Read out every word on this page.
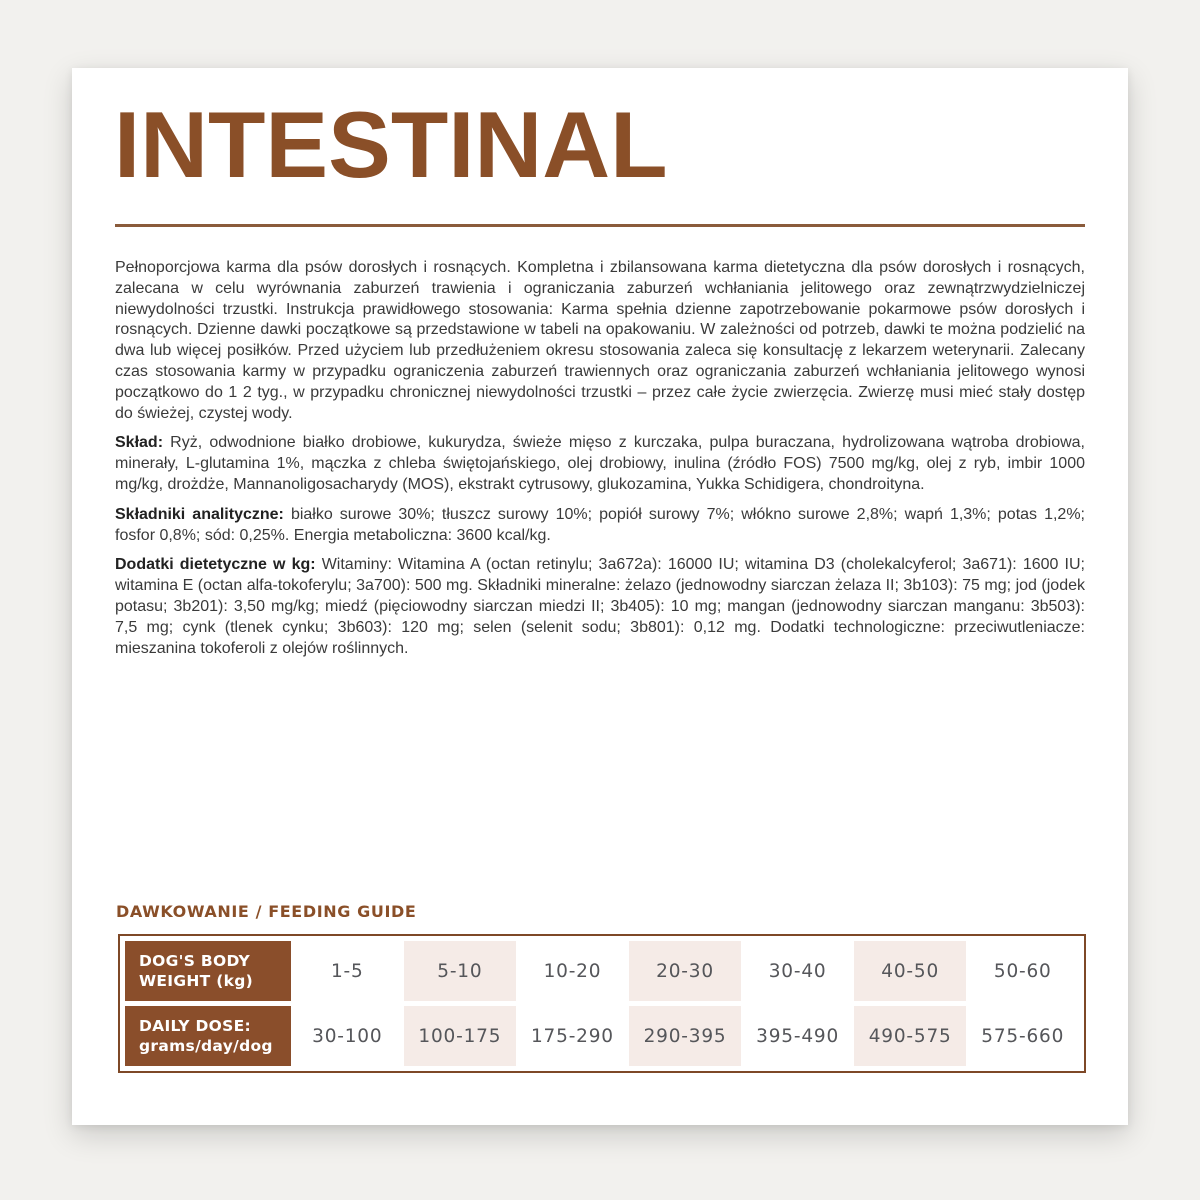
INTESTINAL

Pełnoporcjowa karma dla psów dorosłych i rosnących. Kompletna i zbilansowana karma dietetyczna dla psów dorosłych i rosnących, zalecana w celu wyrównania zaburzeń trawienia i ograniczania zaburzeń wchłaniania jelitowego oraz zewnątrzwydzielniczej niewydolności trzustki. Instrukcja prawidłowego stosowania: Karma spełnia dzienne zapotrzebowanie pokarmowe psów dorosłych i rosnących. Dzienne dawki początkowe są przedstawione w tabeli na opakowaniu. W zależności od potrzeb, dawki te można podzielić na dwa lub więcej posiłków. Przed użyciem lub przedłużeniem okresu stosowania zaleca się konsultację z lekarzem weterynarii. Zalecany czas stosowania karmy w przypadku ograniczenia zaburzeń trawiennych oraz ograniczania zaburzeń wchłaniania jelitowego wynosi początkowo do 1 2 tyg., w przypadku chronicznej niewydolności trzustki – przez całe życie zwierzęcia. Zwierzę musi mieć stały dostęp do świeżej, czystej wody.

Skład: Ryż, odwodnione białko drobiowe, kukurydza, świeże mięso z kurczaka, pulpa buraczana, hydrolizowana wątroba drobiowa, minerały, L-glutamina 1%, mączka z chleba świętojańskiego, olej drobiowy, inulina (źródło FOS) 7500 mg/kg, olej z ryb, imbir 1000 mg/kg, drożdże, Mannanoligosacharydy (MOS), ekstrakt cytrusowy, glukozamina, Yukka Schidigera, chondroityna.

Składniki analityczne: białko surowe 30%; tłuszcz surowy 10%; popiół surowy 7%; włókno surowe 2,8%; wapń 1,3%; potas 1,2%; fosfor 0,8%; sód: 0,25%. Energia metaboliczna: 3600 kcal/kg.

Dodatki dietetyczne w kg: Witaminy: Witamina A (octan retinylu; 3a672a): 16000 IU; witamina D3 (cholekalcyferol; 3a671): 1600 IU; witamina E (octan alfa-tokoferylu; 3a700): 500 mg. Składniki mineralne: żelazo (jednowodny siarczan żelaza II; 3b103): 75 mg; jod (jodek potasu; 3b201): 3,50 mg/kg; miedź (pięciowodny siarczan miedzi II; 3b405): 10 mg; mangan (jednowodny siarczan manganu: 3b503): 7,5 mg; cynk (tlenek cynku; 3b603): 120 mg; selen (selenit sodu; 3b801): 0,12 mg. Dodatki technologiczne: przeciwutleniacze: mieszanina tokoferoli z olejów roślinnych.

DAWKOWANIE / FEEDING GUIDE
DOG'S BODY
WEIGHT (kg)	1-5	5-10	10-20	20-30	30-40	40-50	50-60
DAILY DOSE:
grams/day/dog	30-100	100-175	175-290	290-395	395-490	490-575	575-660
